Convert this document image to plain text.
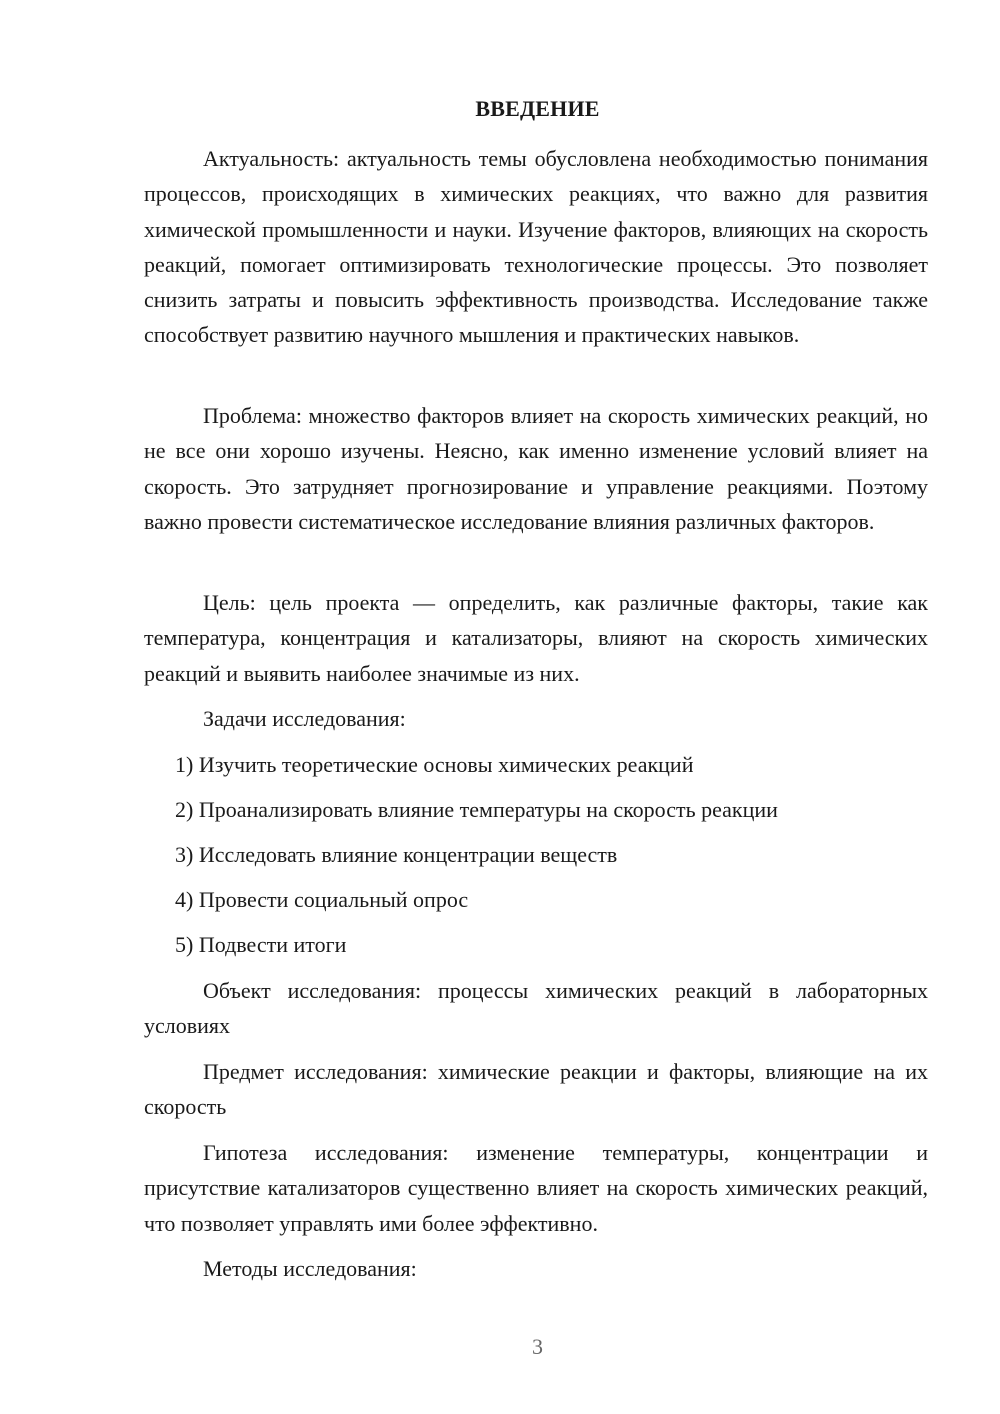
ВВЕДЕНИЕ

Актуальность: актуальность темы обусловлена необходимостью понимания процессов, происходящих в химических реакциях, что важно для развития химической промышленности и науки. Изучение факторов, влияющих на скорость реакций, помогает оптимизировать технологические процессы. Это позволяет снизить затраты и повысить эффективность производства. Исследование также способствует развитию научного мышления и практических навыков.

Проблема: множество факторов влияет на скорость химических реакций, но не все они хорошо изучены. Неясно, как именно изменение условий влияет на скорость. Это затрудняет прогнозирование и управление реакциями. Поэтому важно провести систематическое исследование влияния различных факторов.

Цель: цель проекта — определить, как различные факторы, такие как температура, концентрация и катализаторы, влияют на скорость химических реакций и выявить наиболее значимые из них.

Задачи исследования:

1) Изучить теоретические основы химических реакций

2) Проанализировать влияние температуры на скорость реакции

3) Исследовать влияние концентрации веществ

4) Провести социальный опрос

5) Подвести итоги

Объект исследования: процессы химических реакций в лабораторных условиях

Предмет исследования: химические реакции и факторы, влияющие на их скорость

Гипотеза исследования: изменение температуры, концентрации и присутствие катализаторов существенно влияет на скорость химических реакций, что позволяет управлять ими более эффективно.

Методы исследования:

3
